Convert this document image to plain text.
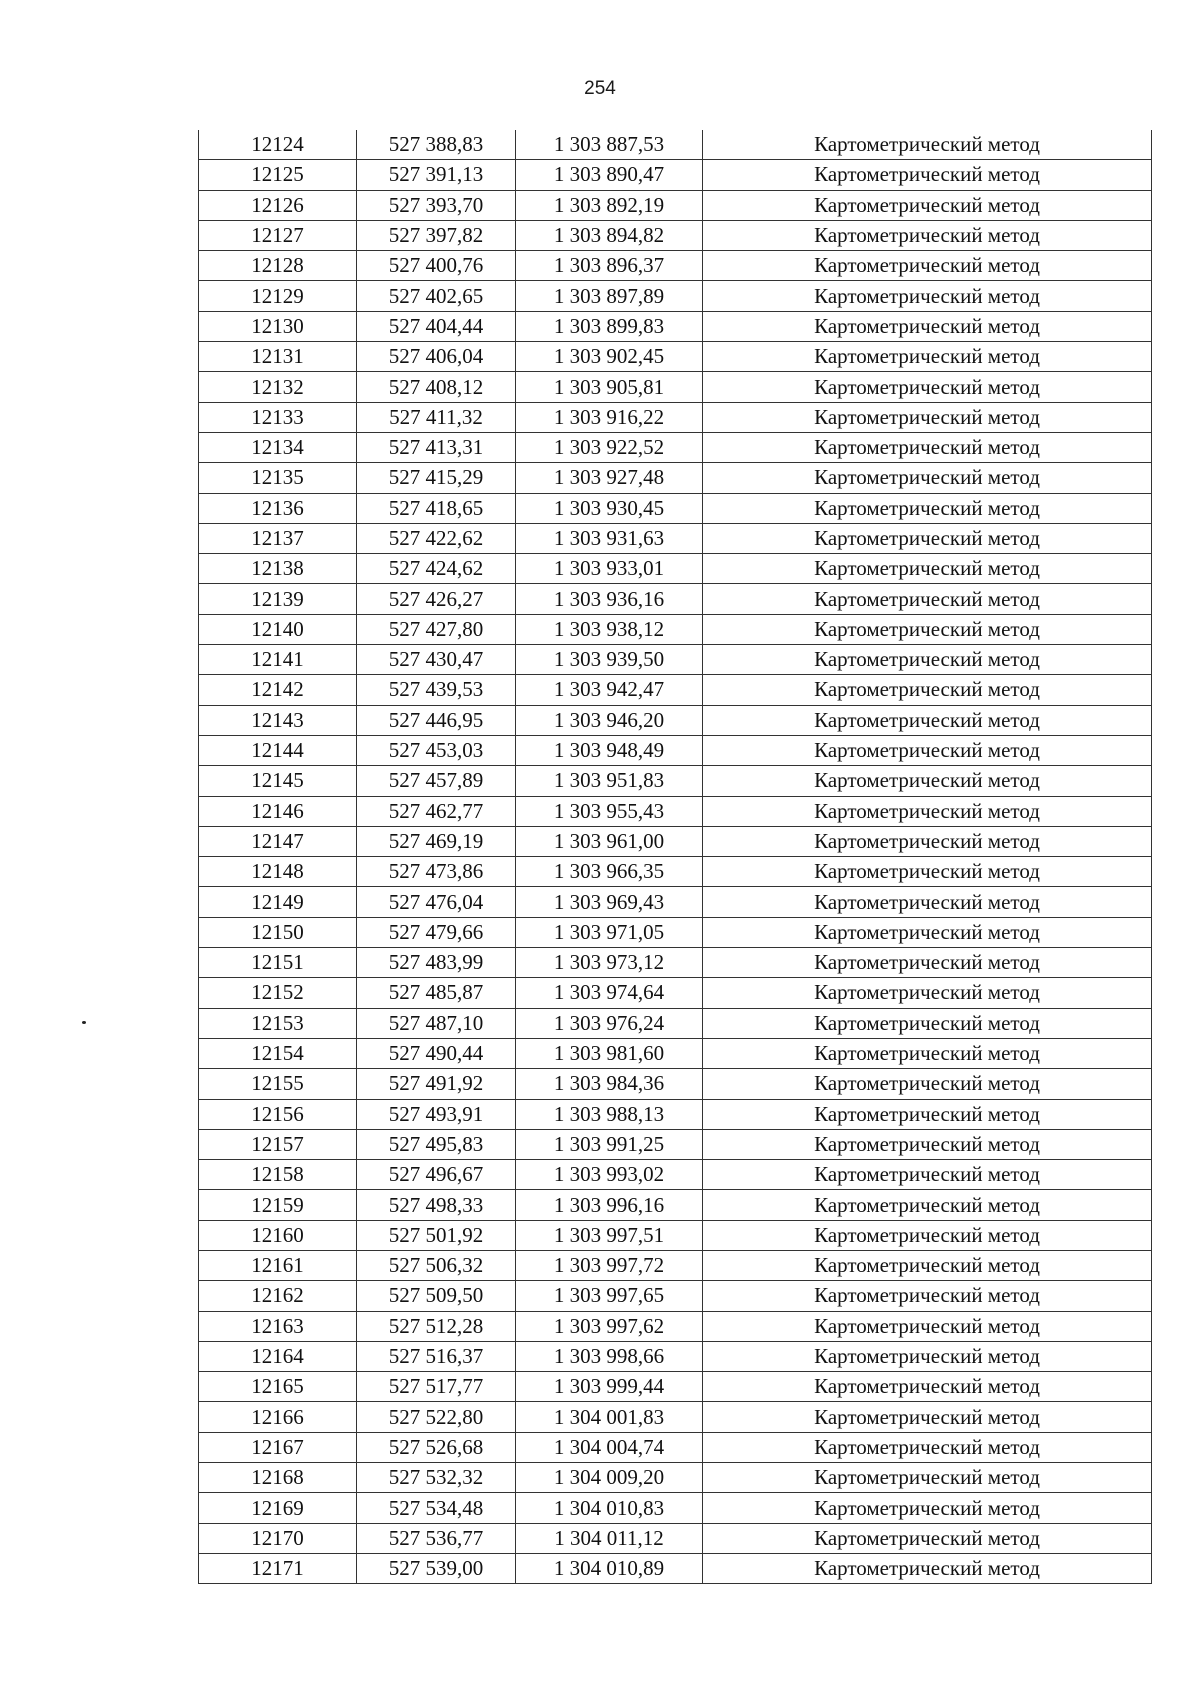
254
12124	527 388,83	1 303 887,53	Картометрический метод
12125	527 391,13	1 303 890,47	Картометрический метод
12126	527 393,70	1 303 892,19	Картометрический метод
12127	527 397,82	1 303 894,82	Картометрический метод
12128	527 400,76	1 303 896,37	Картометрический метод
12129	527 402,65	1 303 897,89	Картометрический метод
12130	527 404,44	1 303 899,83	Картометрический метод
12131	527 406,04	1 303 902,45	Картометрический метод
12132	527 408,12	1 303 905,81	Картометрический метод
12133	527 411,32	1 303 916,22	Картометрический метод
12134	527 413,31	1 303 922,52	Картометрический метод
12135	527 415,29	1 303 927,48	Картометрический метод
12136	527 418,65	1 303 930,45	Картометрический метод
12137	527 422,62	1 303 931,63	Картометрический метод
12138	527 424,62	1 303 933,01	Картометрический метод
12139	527 426,27	1 303 936,16	Картометрический метод
12140	527 427,80	1 303 938,12	Картометрический метод
12141	527 430,47	1 303 939,50	Картометрический метод
12142	527 439,53	1 303 942,47	Картометрический метод
12143	527 446,95	1 303 946,20	Картометрический метод
12144	527 453,03	1 303 948,49	Картометрический метод
12145	527 457,89	1 303 951,83	Картометрический метод
12146	527 462,77	1 303 955,43	Картометрический метод
12147	527 469,19	1 303 961,00	Картометрический метод
12148	527 473,86	1 303 966,35	Картометрический метод
12149	527 476,04	1 303 969,43	Картометрический метод
12150	527 479,66	1 303 971,05	Картометрический метод
12151	527 483,99	1 303 973,12	Картометрический метод
12152	527 485,87	1 303 974,64	Картометрический метод
12153	527 487,10	1 303 976,24	Картометрический метод
12154	527 490,44	1 303 981,60	Картометрический метод
12155	527 491,92	1 303 984,36	Картометрический метод
12156	527 493,91	1 303 988,13	Картометрический метод
12157	527 495,83	1 303 991,25	Картометрический метод
12158	527 496,67	1 303 993,02	Картометрический метод
12159	527 498,33	1 303 996,16	Картометрический метод
12160	527 501,92	1 303 997,51	Картометрический метод
12161	527 506,32	1 303 997,72	Картометрический метод
12162	527 509,50	1 303 997,65	Картометрический метод
12163	527 512,28	1 303 997,62	Картометрический метод
12164	527 516,37	1 303 998,66	Картометрический метод
12165	527 517,77	1 303 999,44	Картометрический метод
12166	527 522,80	1 304 001,83	Картометрический метод
12167	527 526,68	1 304 004,74	Картометрический метод
12168	527 532,32	1 304 009,20	Картометрический метод
12169	527 534,48	1 304 010,83	Картометрический метод
12170	527 536,77	1 304 011,12	Картометрический метод
12171	527 539,00	1 304 010,89	Картометрический метод
